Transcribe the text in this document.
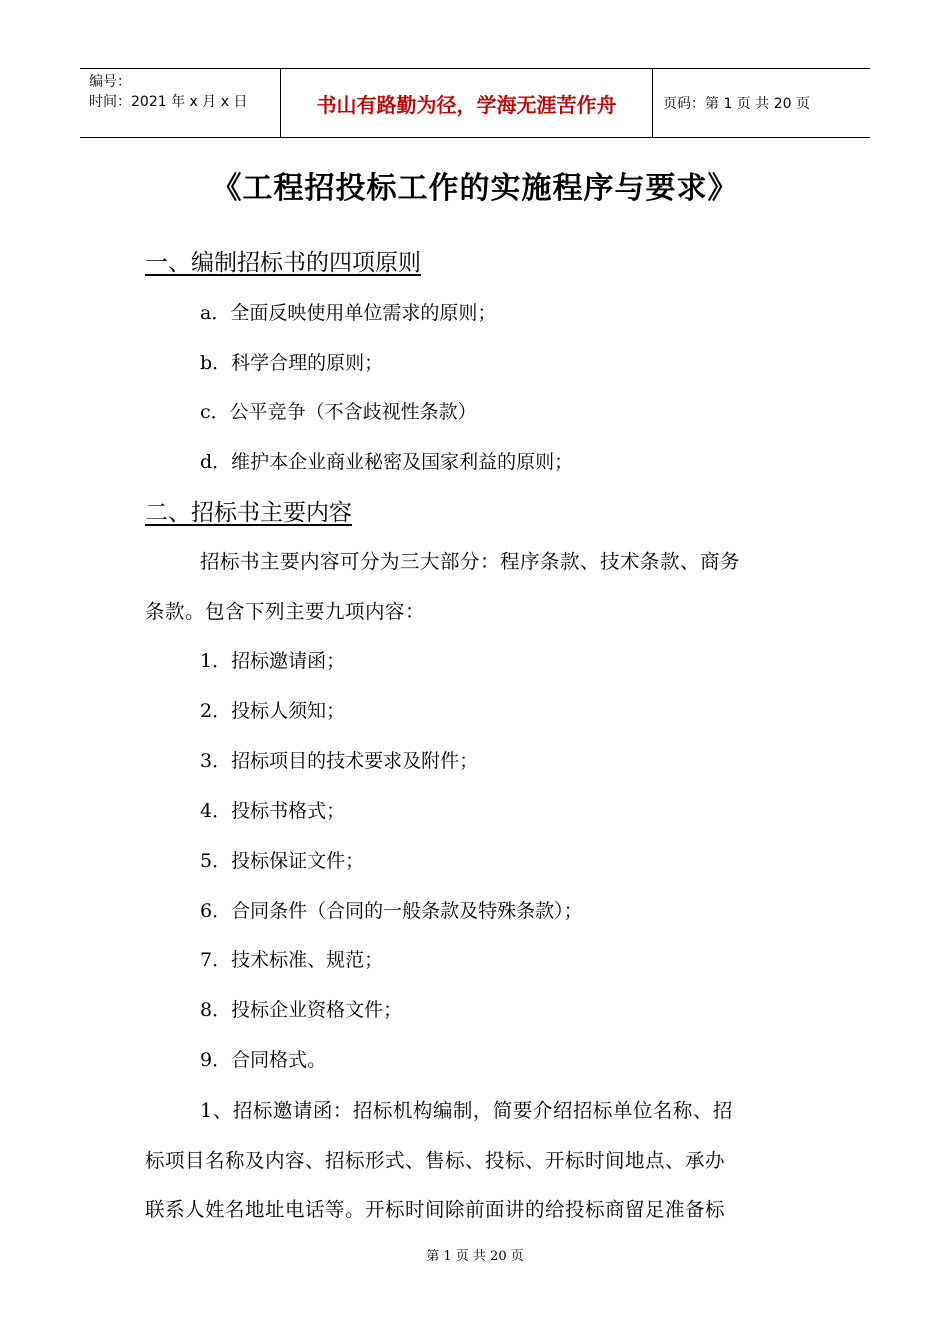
编号：
时间：2021 年 x 月 x 日	书山有路勤为径，学海无涯苦作舟	页码：第 1 页 共 20 页
《工程招投标工作的实施程序与要求》
一、编制招标书的四项原则
a．全面反映使用单位需求的原则；
b．科学合理的原则；
c．公平竞争（不含歧视性条款）
d．维护本企业商业秘密及国家利益的原则；
二、招标书主要内容
招标书主要内容可分为三大部分：程序条款、技术条款、商务
条款。包含下列主要九项内容：
1．招标邀请函；
2．投标人须知；
3．招标项目的技术要求及附件；
4．投标书格式；
5．投标保证文件；
6．合同条件（合同的一般条款及特殊条款）；
7．技术标准、规范；
8．投标企业资格文件；
9．合同格式。
1、招标邀请函：招标机构编制，简要介绍招标单位名称、招
标项目名称及内容、招标形式、售标、投标、开标时间地点、承办
联系人姓名地址电话等。开标时间除前面讲的给投标商留足准备标
第 1 页 共 20 页
